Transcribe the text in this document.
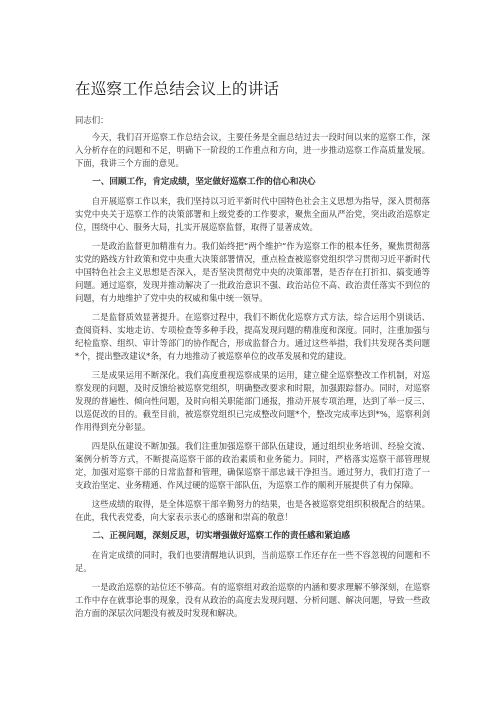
在巡察工作总结会议上的讲话
同志们：
今天，我们召开巡察工作总结会议，主要任务是全面总结过去一段时间以来的巡察工作，深入分析存在的问题和不足，明确下一阶段的工作重点和方向，进一步推动巡察工作高质量发展。下面，我讲三个方面的意见。
一、回顾工作，肯定成绩，坚定做好巡察工作的信心和决心
自开展巡察工作以来，我们坚持以习近平新时代中国特色社会主义思想为指导，深入贯彻落实党中央关于巡察工作的决策部署和上级党委的工作要求，聚焦全面从严治党，突出政治巡察定位，围绕中心、服务大局，扎实开展巡察监督，取得了显著成效。
一是政治监督更加精准有力。我们始终把“两个维护”作为巡察工作的根本任务，聚焦贯彻落实党的路线方针政策和党中央重大决策部署情况，重点检查被巡察党组织学习贯彻习近平新时代中国特色社会主义思想是否深入，是否坚决贯彻党中央的决策部署，是否存在打折扣、搞变通等问题。通过巡察，发现并推动解决了一批政治意识不强、政治站位不高、政治责任落实不到位的问题，有力地维护了党中央的权威和集中统一领导。
二是监督质效显著提升。在巡察过程中，我们不断优化巡察方式方法，综合运用个别谈话、查阅资料、实地走访、专项检查等多种手段，提高发现问题的精准度和深度。同时，注重加强与纪检监察、组织、审计等部门的协作配合，形成监督合力。通过这些举措，我们共发现各类问题*个，提出整改建议*条，有力地推动了被巡察单位的改革发展和党的建设。
三是成果运用不断深化。我们高度重视巡察成果的运用，建立健全巡察整改工作机制，对巡察发现的问题，及时反馈给被巡察党组织，明确整改要求和时限，加强跟踪督办。同时，对巡察发现的普遍性、倾向性问题，及时向相关职能部门通报，推动开展专项治理，达到了举一反三、以巡促改的目的。截至目前，被巡察党组织已完成整改问题*个，整改完成率达到*%，巡察利剑作用得到充分彰显。
四是队伍建设不断加强。我们注重加强巡察干部队伍建设，通过组织业务培训、经验交流、案例分析等方式，不断提高巡察干部的政治素质和业务能力。同时，严格落实巡察干部管理规定，加强对巡察干部的日常监督和管理，确保巡察干部忠诚干净担当。通过努力，我们打造了一支政治坚定、业务精通、作风过硬的巡察干部队伍，为巡察工作的顺利开展提供了有力保障。
这些成绩的取得，是全体巡察干部辛勤努力的结果，也是各被巡察党组织积极配合的结果。在此，我代表党委，向大家表示衷心的感谢和崇高的敬意！
二、正视问题，深刻反思，切实增强做好巡察工作的责任感和紧迫感
在肯定成绩的同时，我们也要清醒地认识到，当前巡察工作还存在一些不容忽视的问题和不足。
一是政治巡察的站位还不够高。有的巡察组对政治巡察的内涵和要求理解不够深刻，在巡察工作中存在就事论事的现象，没有从政治的高度去发现问题、分析问题、解决问题，导致一些政治方面的深层次问题没有被及时发现和解决。
